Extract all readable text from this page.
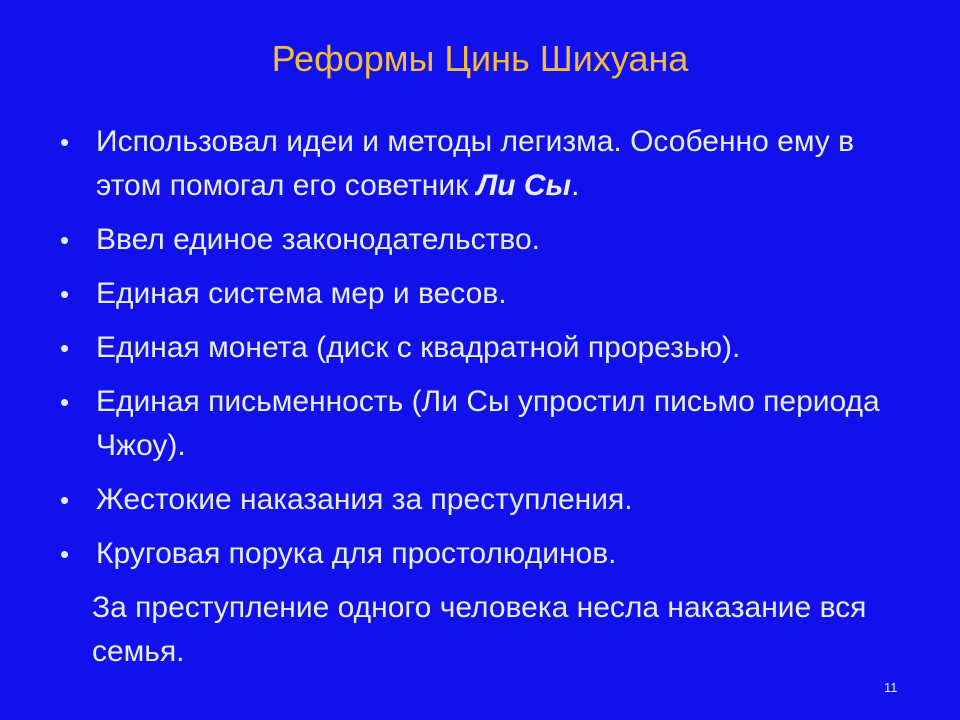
Реформы Цинь Шихуана
• Использовал идеи и методы легизма. Особенно ему в этом помогал его советник Ли Сы.
• Ввел единое законодательство.
• Единая система мер и весов.
• Единая монета (диск с квадратной прорезью).
• Единая письменность (Ли Сы упростил письмо периода Чжоу).
• Жестокие наказания за преступления.
• Круговая порука для простолюдинов.
За преступление одного человека несла наказание вся семья.
11
